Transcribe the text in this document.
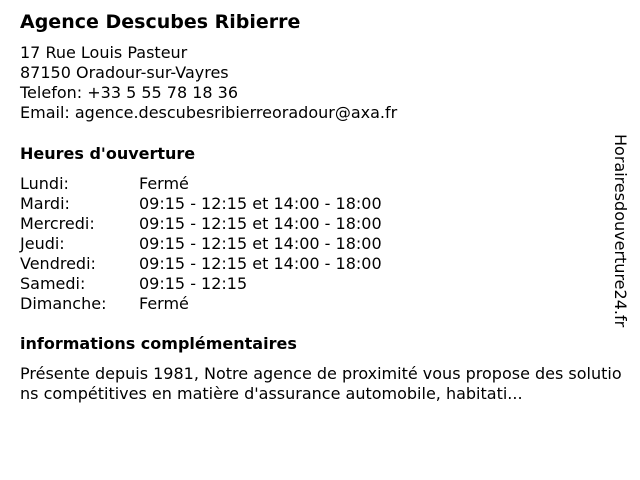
Agence Descubes Ribierre
17 Rue Louis Pasteur
87150 Oradour-sur-Vayres
Telefon: +33 5 55 78 18 36
Email: agence.descubesribierreoradour@axa.fr
Heures d'ouverture
Lundi:	Fermé
Mardi:	09:15 - 12:15 et 14:00 - 18:00
Mercredi:	09:15 - 12:15 et 14:00 - 18:00
Jeudi:	09:15 - 12:15 et 14:00 - 18:00
Vendredi:	09:15 - 12:15 et 14:00 - 18:00
Samedi:	09:15 - 12:15
Dimanche: Fermé
informations complémentaires
Présente depuis 1981, Notre agence de proximité vous propose des solutions compétitives en matière d'assurance automobile, habitati...
Horairesdouverture24.fr
